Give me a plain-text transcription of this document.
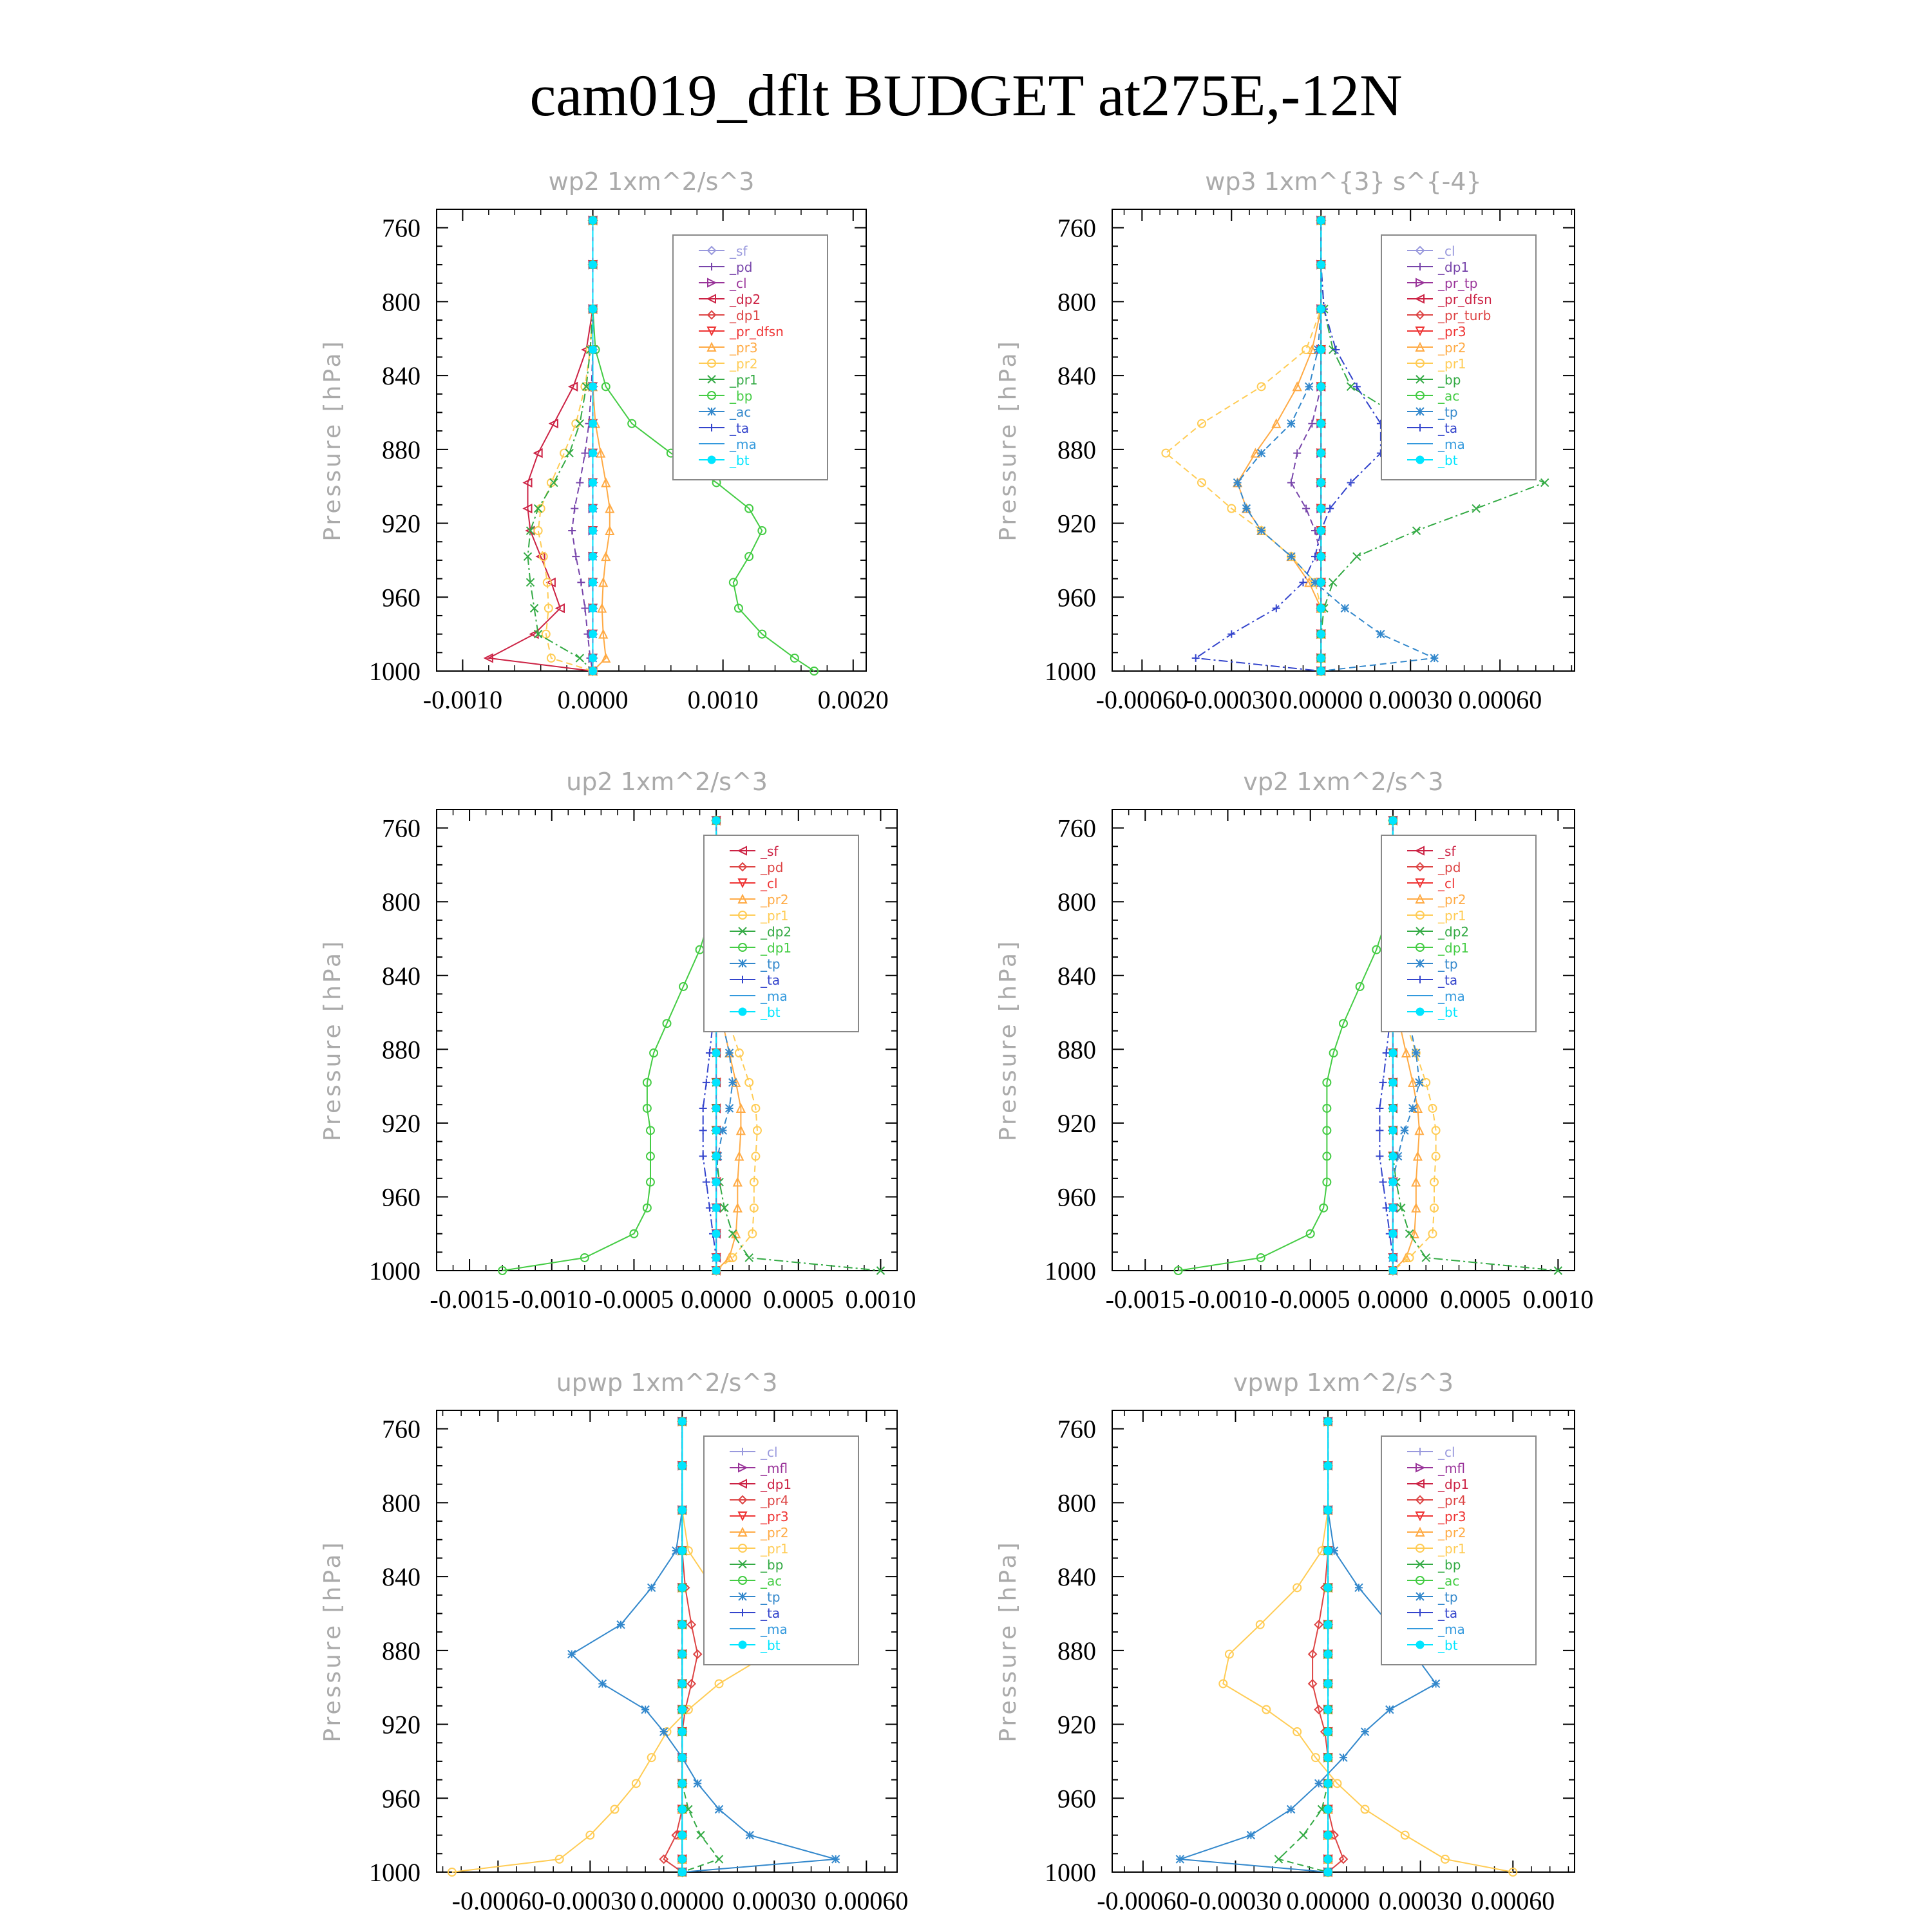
cam019_dflt BUDGET at275E,-12N
wp2 1xm^2/s^3
Pressure [hPa]
760
800
840
880
920
960
1000
-0.0010 0.0000 0.0010 0.0020
_sf
_pd
_cl
_dp2
_dp1
_pr_dfsn
_pr3
_pr2
_pr1
_bp
_ac
_ta
_ma
_bt
wp3 1xm^{3} s^{-4}
Pressure [hPa]
760
800
840
880
920
960
1000
-0.00060
-0.00030 0.00000 0.00030 0.00060
_cl
_dp1
_pr_tp
_pr_dfsn
_pr_turb
_pr3
_pr2
_pr1
_bp
_ac
_tp
_ta
_ma
_bt
up2 1xm^2/s^3
Pressure [hPa]
760
800
840
880
920
960
1000
-0.0015 -0.0010 -0.0005 0.0000 0.0005 0.0010
_sf
_pd
_cl
_pr2
_pr1
_dp2
_dp1
_tp
_ta
_ma
_bt
vp2 1xm^2/s^3
Pressure [hPa]
760
800
840
880
920
960
1000
-0.0015 -0.0010 -0.0005 0.0000 0.0005 0.0010
_sf
_pd
_cl
_pr2
_pr1
_dp2
_dp1
_tp
_ta
_ma
_bt
upwp 1xm^2/s^3
Pressure [hPa]
760
800
840
880
920
960
1000
-0.00060 -0.00030 0.00000 0.00030 0.00060
_cl
_mfl
_dp1
_pr4
_pr3
_pr2
_pr1
_bp
_ac
_tp
_ta
_ma
_bt
vpwp 1xm^2/s^3
Pressure [hPa]
760
800
840
880
920
960
1000
-0.00060 -0.00030 0.00000 0.00030 0.00060
_cl
_mfl
_dp1
_pr4
_pr3
_pr2
_pr1
_bp
_ac
_tp
_ta
_ma
_bt
